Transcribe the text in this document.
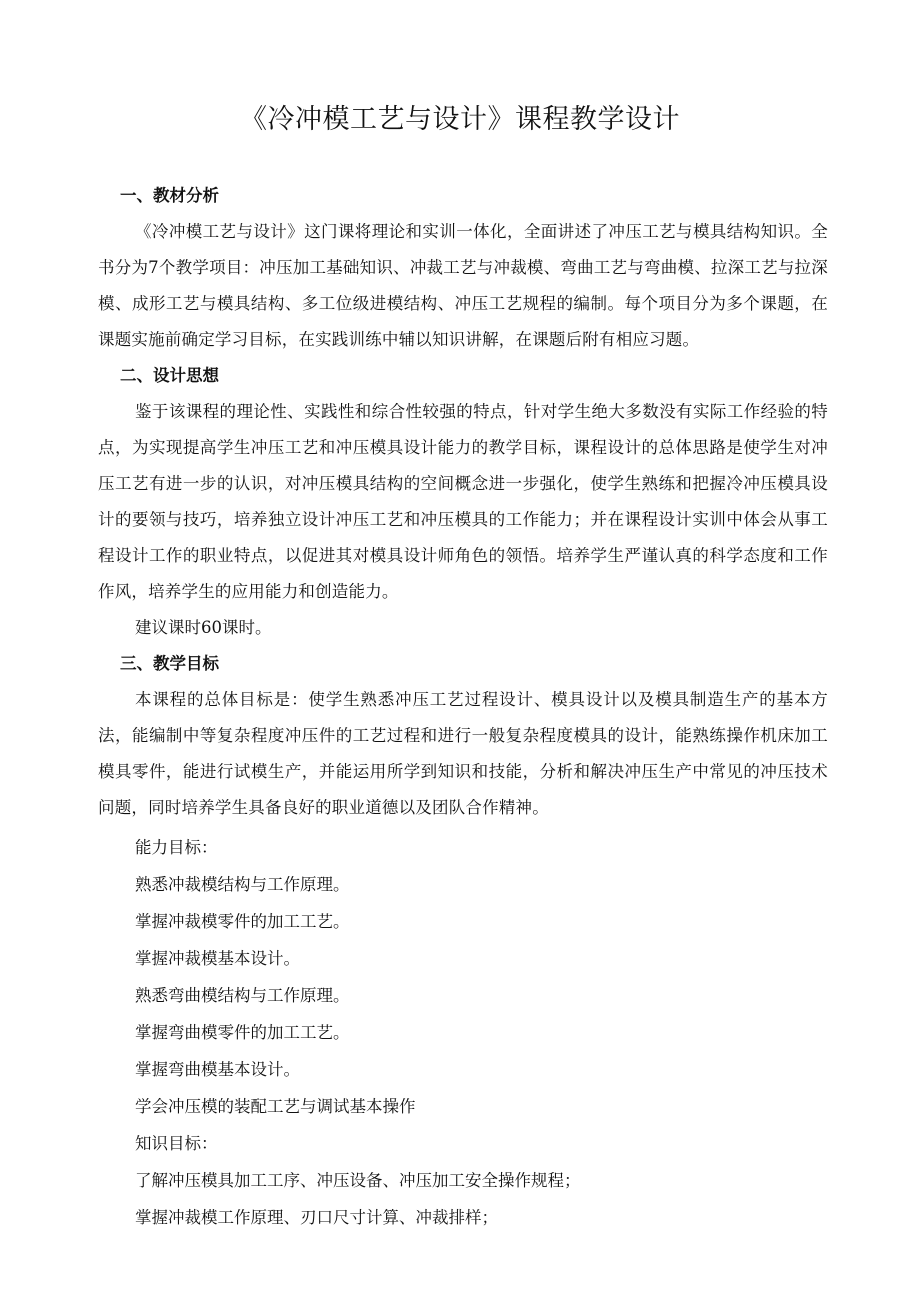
《冷冲模工艺与设计》课程教学设计
一、教材分析

《冷冲模工艺与设计》这门课将理论和实训一体化，全面讲述了冲压工艺与模具结构知识。全书分为7个教学项目：冲压加工基础知识、冲裁工艺与冲裁模、弯曲工艺与弯曲模、拉深工艺与拉深模、成形工艺与模具结构、多工位级进模结构、冲压工艺规程的编制。每个项目分为多个课题，在课题实施前确定学习目标，在实践训练中辅以知识讲解，在课题后附有相应习题。

二、设计思想

鉴于该课程的理论性、实践性和综合性较强的特点，针对学生绝大多数没有实际工作经验的特点，为实现提高学生冲压工艺和冲压模具设计能力的教学目标，课程设计的总体思路是使学生对冲压工艺有进一步的认识，对冲压模具结构的空间概念进一步强化，使学生熟练和把握冷冲压模具设计的要领与技巧，培养独立设计冲压工艺和冲压模具的工作能力；并在课程设计实训中体会从事工程设计工作的职业特点，以促进其对模具设计师角色的领悟。培养学生严谨认真的科学态度和工作作风，培养学生的应用能力和创造能力。

建议课时60课时。
三、教学目标

本课程的总体目标是：使学生熟悉冲压工艺过程设计、模具设计以及模具制造生产的基本方法，能编制中等复杂程度冲压件的工艺过程和进行一般复杂程度模具的设计，能熟练操作机床加工模具零件，能进行试模生产，并能运用所学到知识和技能，分析和解决冲压生产中常见的冲压技术问题，同时培养学生具备良好的职业道德以及团队合作精神。

能力目标：
熟悉冲裁模结构与工作原理。
掌握冲裁模零件的加工工艺。
掌握冲裁模基本设计。
熟悉弯曲模结构与工作原理。
掌握弯曲模零件的加工工艺。
掌握弯曲模基本设计。
学会冲压模的装配工艺与调试基本操作
知识目标：
了解冲压模具加工工序、冲压设备、冲压加工安全操作规程；
掌握冲裁模工作原理、刃口尺寸计算、冲裁排样；
